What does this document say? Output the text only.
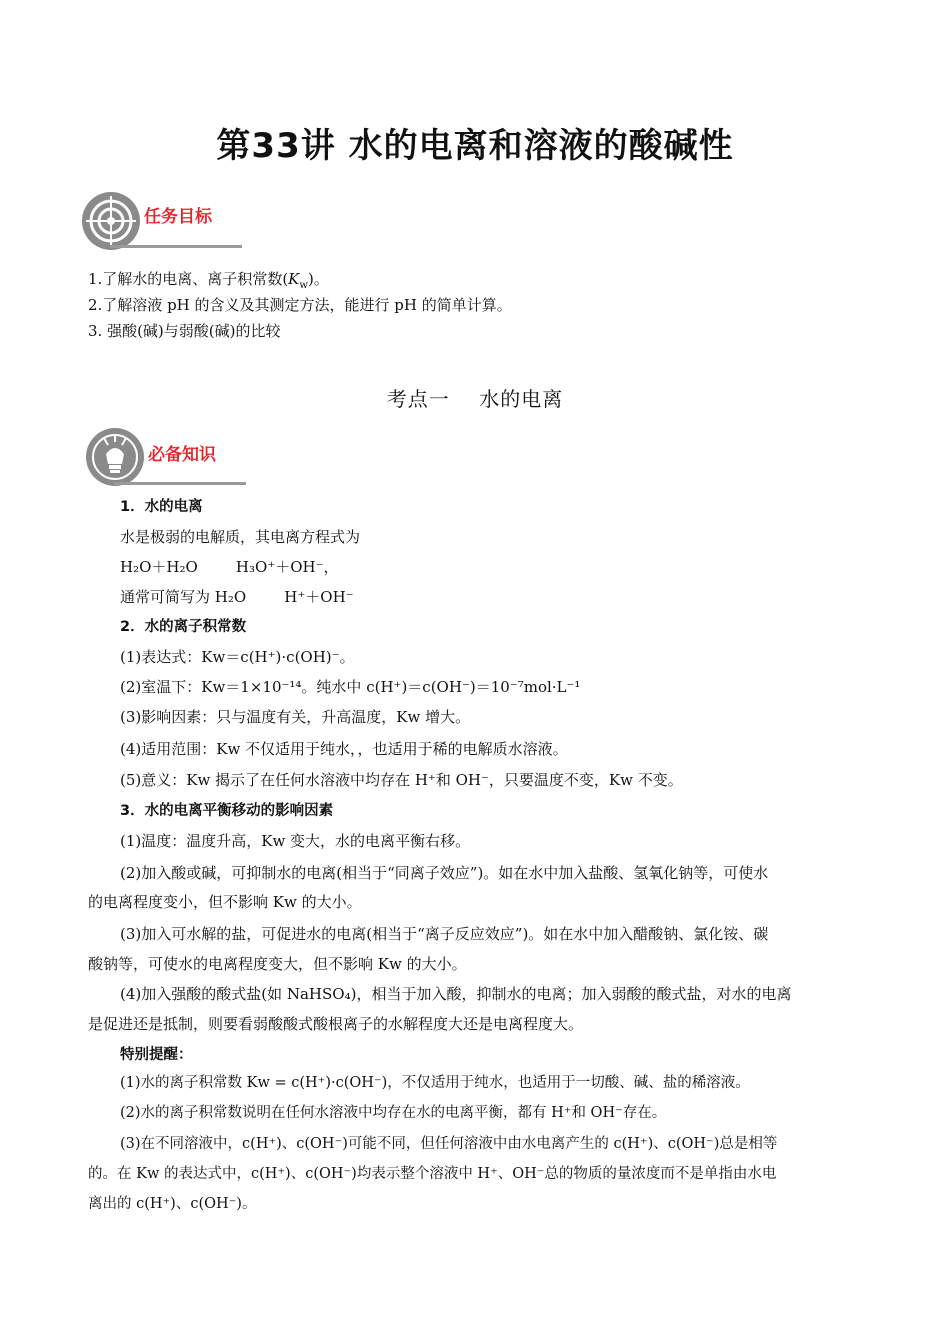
第33讲 水的电离和溶液的酸碱性
任务目标
1.了解水的电离、离子积常数$(K_w)$。
2.了解溶液 pH 的含义及其测定方法，能进行 pH 的简单计算。
3. 强酸(碱)与弱酸(碱)的比较
考点一    水的电离
必备知识
1．水的电离
水是极弱的电解质，其电离方程式为
H₂O＋H₂O        H₃O⁺＋OH⁻，
通常可简写为 H₂O        H⁺＋OH⁻
2．水的离子积常数
(1)表达式：Kw＝c(H⁺)·c(OH)⁻。
(2)室温下：Kw＝1×10⁻¹⁴。纯水中 c(H⁺)＝c(OH⁻)＝10⁻⁷mol·L⁻¹
(3)影响因素：只与温度有关，升高温度，Kw 增大。
(4)适用范围：Kw 不仅适用于纯水，，也适用于稀的电解质水溶液。
(5)意义：Kw 揭示了在任何水溶液中均存在 H⁺和 OH⁻，只要温度不变，Kw 不变。
3．水的电离平衡移动的影响因素
(1)温度：温度升高，Kw 变大，水的电离平衡右移。
(2)加入酸或碱，可抑制水的电离(相当于“同离子效应”)。如在水中加入盐酸、氢氧化钠等，可使水
的电离程度变小，但不影响 Kw 的大小。
(3)加入可水解的盐，可促进水的电离(相当于“离子反应效应”)。如在水中加入醋酸钠、氯化铵、碳
酸钠等，可使水的电离程度变大，但不影响 Kw 的大小。
(4)加入强酸的酸式盐(如 NaHSO₄)，相当于加入酸，抑制水的电离；加入弱酸的酸式盐，对水的电离
是促进还是抵制，则要看弱酸酸式酸根离子的水解程度大还是电离程度大。
特别提醒：
(1)水的离子积常数 Kw = c(H⁺)·c(OH⁻)，不仅适用于纯水，也适用于一切酸、碱、盐的稀溶液。
(2)水的离子积常数说明在任何水溶液中均存在水的电离平衡，都有 H⁺和 OH⁻存在。
(3)在不同溶液中，c(H⁺)、c(OH⁻)可能不同，但任何溶液中由水电离产生的 c(H⁺)、c(OH⁻)总是相等
的。在 Kw 的表达式中，c(H⁺)、c(OH⁻)均表示整个溶液中 H⁺、OH⁻总的物质的量浓度而不是单指由水电
离出的 c(H⁺)、c(OH⁻)。
